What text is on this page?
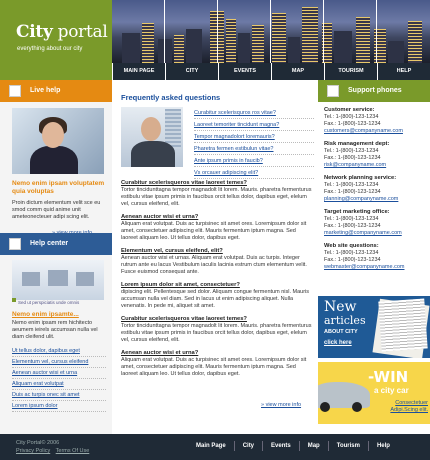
City portal
everything about our city
MAIN PAGE	CITY	EVENTS	MAP	TOURISM	HELP
Live help
Nemo enim ipsam voluptatem quia voluptas
Proin dictum elementum velit sce eu smod comm quid anime unit ameteonecteuer adipi scing elit.
Help center
Sed ut perspiciatis unde omnis
Nemo enim ipsamte...
Nemo enim ipsam rem hichitecto aeumem ieirels accumsan nulla vel diam cleifend ulit.
Ut tellus dolor, dapibus eget
Elementum vel, cursus eleifend
Aenean auctor wisi et urna
Aliquam erat volutpat
Duis ac turpis onec sit amet
Lorem ipsum dolor
Frequently asked questions
Curabitur scelerisquros ros vitae?
Laoreet temoriter tincidunt magna?
Tempor magnadolort loremauris?
Pharetra fermen estibulun vitae?
Ante ipsum primis in faucib?
Vs orcauer adipiscing elit?
Curabitur scelerisqueros vitae laoreet temes?

Tortor tincidunttagna tempor magnadolt lit lorem. Mauris. pharetra fermenturus estibulu vitae ipsum primis in faucibus orcit tellus dolor, dapibus eget, elelum vel, cursus eleifend, elit.

Aenean auctor wisi et urna?

Aliquam erat volutpat. Duis ac turpisinec sit amet ores. Loremipsum dolor sit amet, consectetuer adipiscing elit. Mauris fermentum iptum magna. Sed laoreet aliquam leo. Ut tellus dolor, dapibus eget.

Elementum vel, cursus eleifend, elit?

Aenean auctor wisi et urnas. Aliquam erat volutpat. Duis ac turpis. Integer rutrum ante eu lacus Vestibulum iaculis lacinia estrum ctum elementum velit. Fusce euismod consequat ante.

Lorem ipsum dolor sit amet, consectetuer?

dipiscing elit. Pellentesque sed dolor. Aliquam congue fermentum nisl. Mauris accumsan nulla vel diam. Sed in lacus ut enim adipiscing aliquet. Nulla venenatis. In pede mi, aliquet sit amet.

Curabitur scelerisqueros vitae laoreet temes?

Tortor tincidunttagna tempor magnadolt lit lorem. Mauris. pharetra fermenturus estibulu vitae ipsum primis in faucibus orcit tellus dolor, dapibus eget, elelum vel, cursus eleifend, elit.

Aenean auctor wisi et urna?

Aliquam erat volutpat. Duis ac turpisinec sit amet ores. Loremipsum dolor sit amet, consectetuer adipiscing elit. Mauris fermentum iptum magna. Sed laoreet aliquam leo. Ut tellus dolor, dapibus eget.

» view more info
Support phones
Customer service:
Tel.: 1-(800)-123-1234
Fax.: 1-(800)-123-1234
customers@companyname.com
Risk management dept:
Tel.: 1-(800)-123-1234
Fax.: 1-(800)-123-1234
risk@companyname.com
Network planning service:
Tel.: 1-(800)-123-1234
Fax.: 1-(800)-123-1234
planning@companyname.com
Target marketing office:
Tel.: 1-(800)-123-1234
Fax.: 1-(800)-123-1234
marketing@companyname.com
Web site questions:
Tel.: 1-(800)-123-1234
Fax.: 1-(800)-123-1234
webmaster@companyname.com
New
articles
ABOUT CITY
click here
-WIN
a city car
Consectetuer Adipi.Scing elit.
City Portal© 2006
Privacy Policy Terms Of Use
Main Page	City	Events	Map	Tourism	Help
